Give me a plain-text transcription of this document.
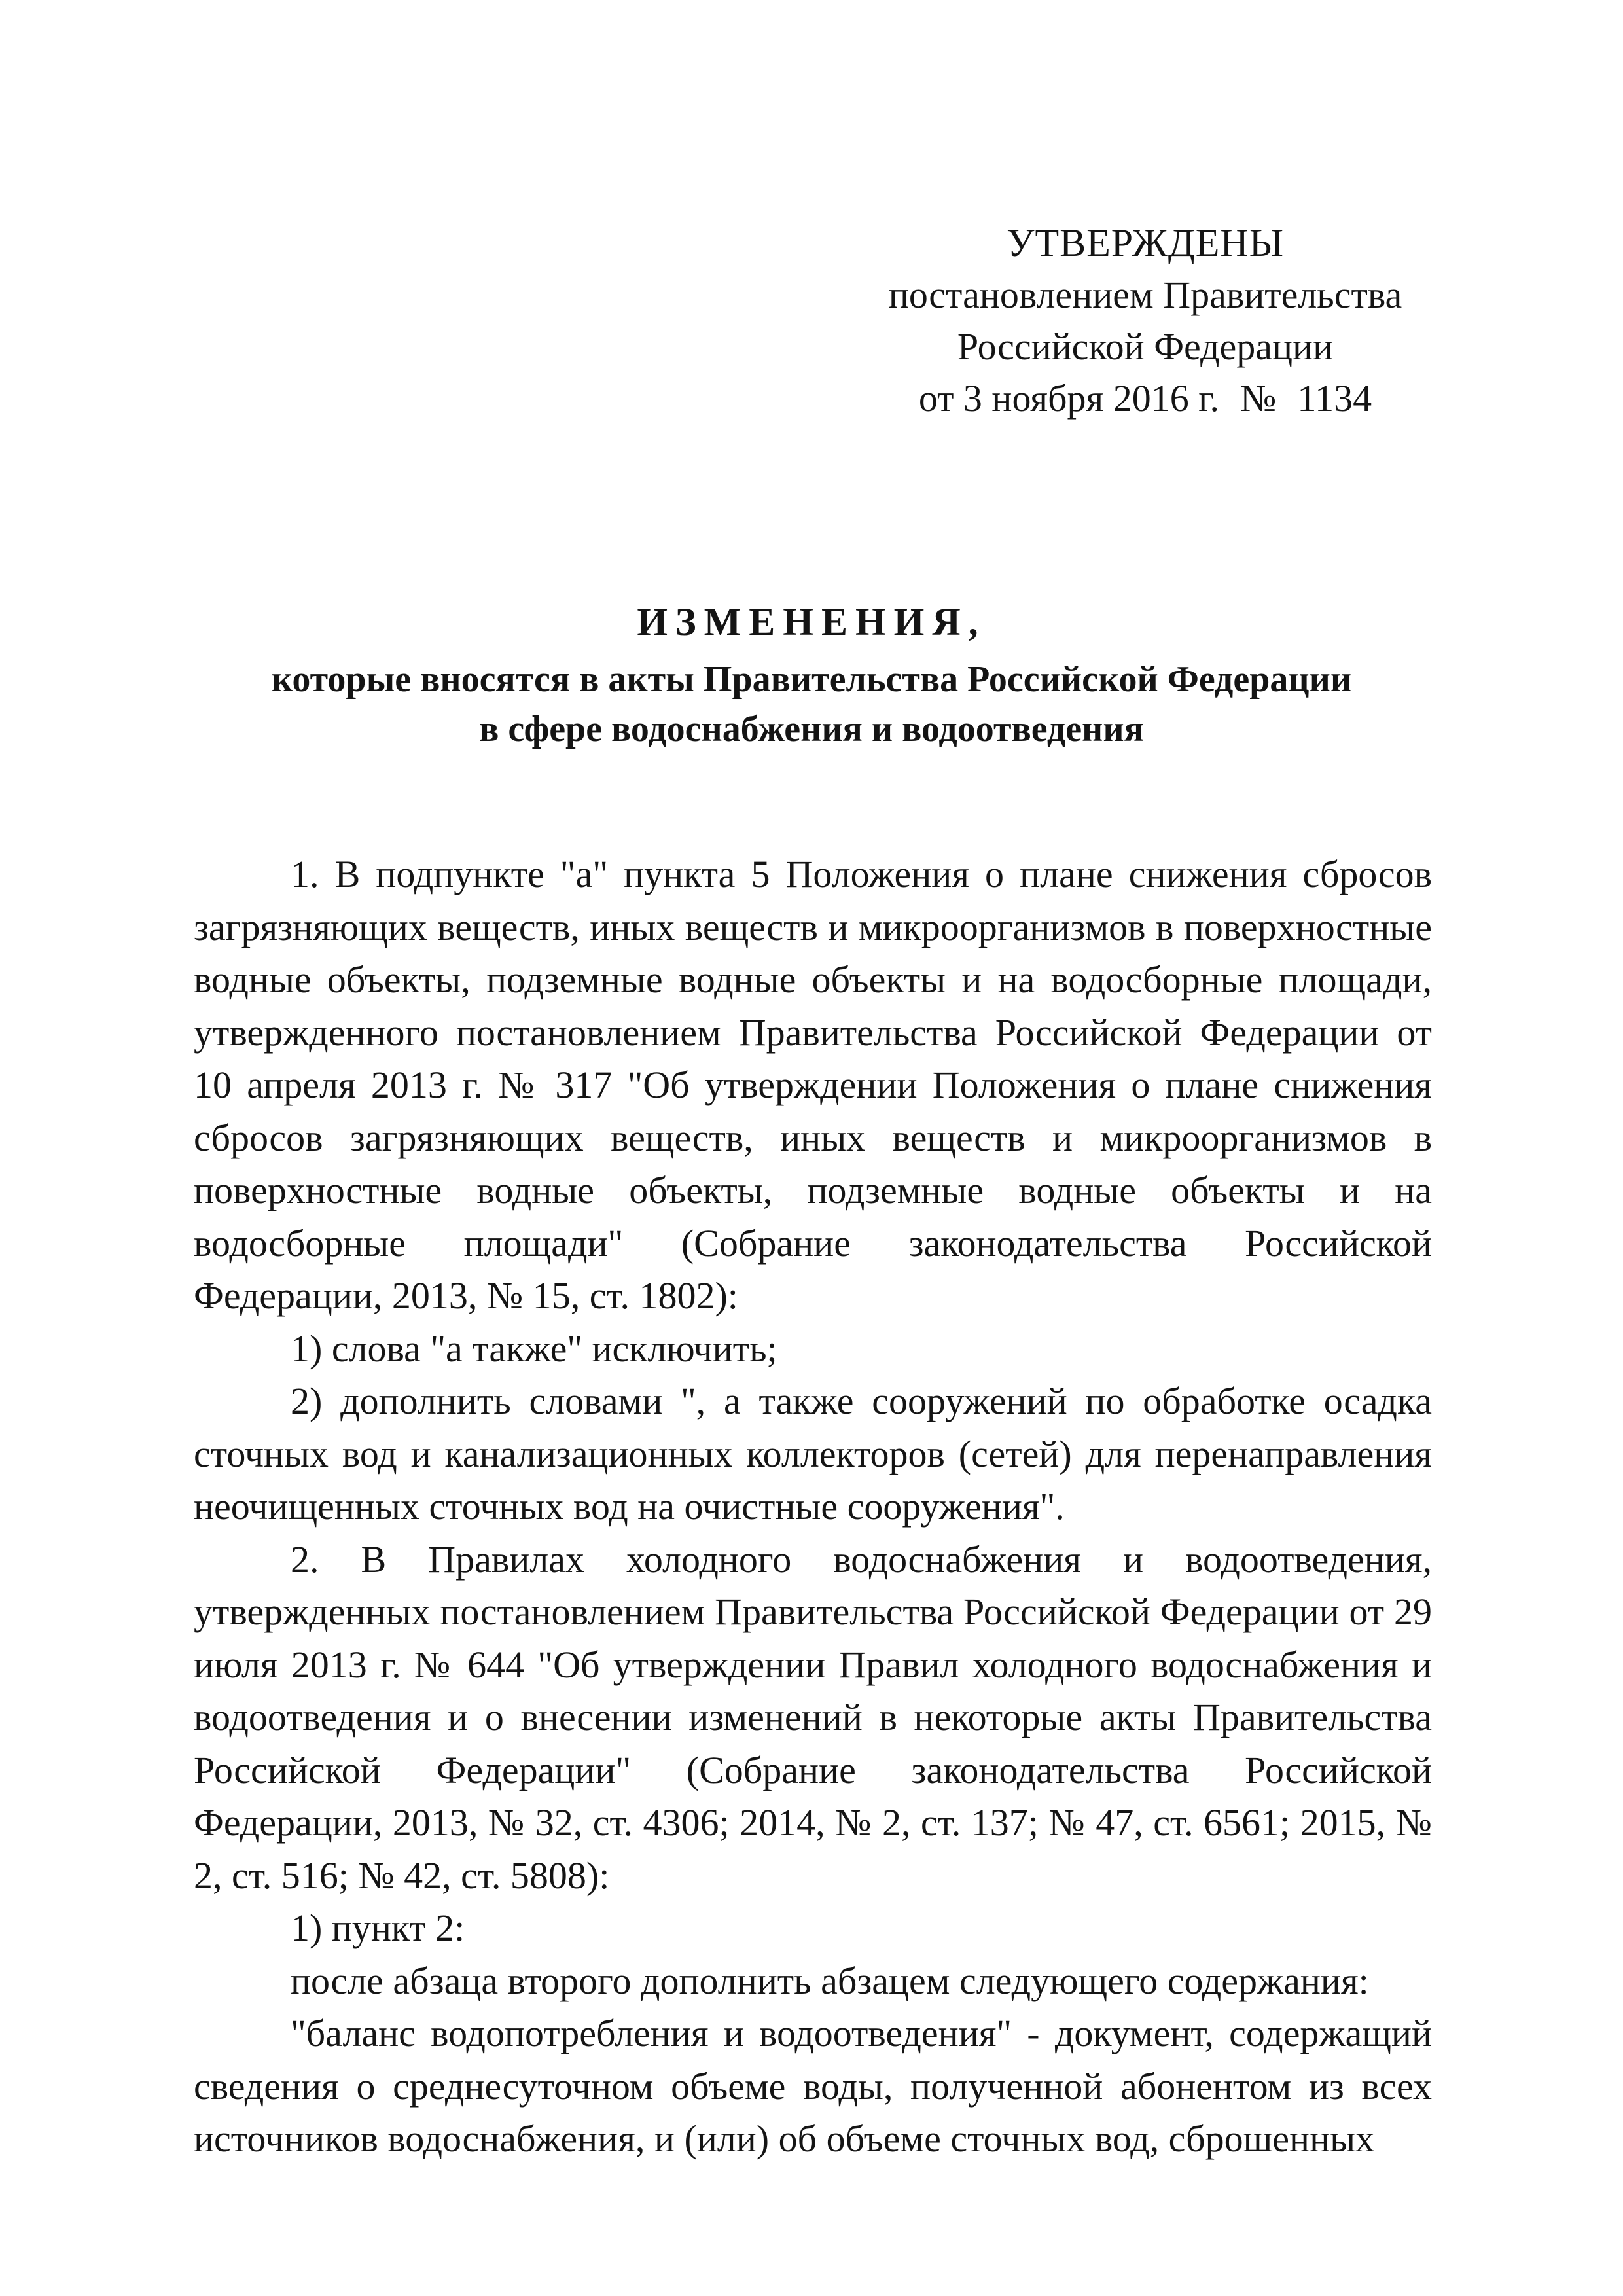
УТВЕРЖДЕНЫ
постановлением Правительства
Российской Федерации
от 3 ноября 2016 г. № 1134
ИЗМЕНЕНИЯ,
которые вносятся в акты Правительства Российской Федерации
в сфере водоснабжения и водоотведения

1. В подпункте "а" пункта 5 Положения о плане снижения сбросов загрязняющих веществ, иных веществ и микроорганизмов в поверхностные водные объекты, подземные водные объекты и на водосборные площади, утвержденного постановлением Правительства Российской Федерации от 10 апреля 2013 г. № 317 "Об утверждении Положения о плане снижения сбросов загрязняющих веществ, иных веществ и микроорганизмов в поверхностные водные объекты, подземные водные объекты и на водосборные площади" (Собрание законодательства Российской Федерации, 2013, № 15, ст. 1802):

1) слова "а также" исключить;

2) дополнить словами ", а также сооружений по обработке осадка сточных вод и канализационных коллекторов (сетей) для перенаправления неочищенных сточных вод на очистные сооружения".

2. В Правилах холодного водоснабжения и водоотведения, утвержденных постановлением Правительства Российской Федерации от 29 июля 2013 г. № 644 "Об утверждении Правил холодного водоснабжения и водоотведения и о внесении изменений в некоторые акты Правительства Российской Федерации" (Собрание законодательства Российской Федерации, 2013, № 32, ст. 4306; 2014, № 2, ст. 137; № 47, ст. 6561; 2015, № 2, ст. 516; № 42, ст. 5808):

1) пункт 2:

после абзаца второго дополнить абзацем следующего содержания:

"баланс водопотребления и водоотведения" - документ, содержащий сведения о среднесуточном объеме воды, полученной абонентом из всех источников водоснабжения, и (или) об объеме сточных вод, сброшенных
